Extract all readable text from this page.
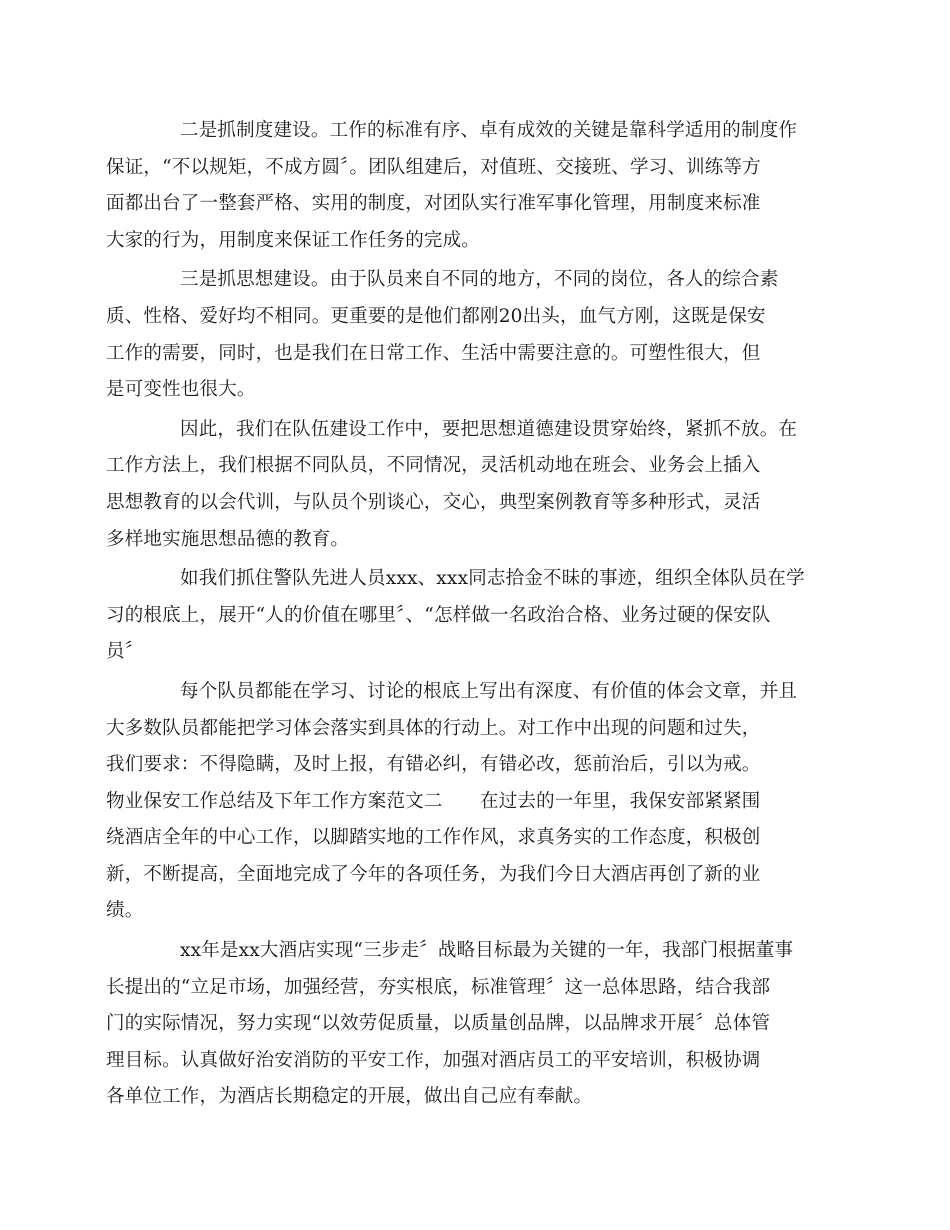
二是抓制度建设。工作的标准有序、卓有成效的关键是靠科学适用的制度作
保证，“不以规矩，不成方圆〞。团队组建后，对值班、交接班、学习、训练等方
面都出台了一整套严格、实用的制度，对团队实行准军事化管理，用制度来标准
大家的行为，用制度来保证工作任务的完成。

三是抓思想建设。由于队员来自不同的地方，不同的岗位，各人的综合素
质、性格、爱好均不相同。更重要的是他们都刚20出头，血气方刚，这既是保安
工作的需要，同时，也是我们在日常工作、生活中需要注意的。可塑性很大，但
是可变性也很大。

因此，我们在队伍建设工作中，要把思想道德建设贯穿始终，紧抓不放。在
工作方法上，我们根据不同队员，不同情况，灵活机动地在班会、业务会上插入
思想教育的以会代训，与队员个别谈心，交心，典型案例教育等多种形式，灵活
多样地实施思想品德的教育。

如我们抓住警队先进人员xxx、xxx同志拾金不昧的事迹，组织全体队员在学
习的根底上，展开“人的价值在哪里〞、“怎样做一名政治合格、业务过硬的保安队
员〞

每个队员都能在学习、讨论的根底上写出有深度、有价值的体会文章，并且
大多数队员都能把学习体会落实到具体的行动上。对工作中出现的问题和过失，
我们要求：不得隐瞒，及时上报，有错必纠，有错必改，惩前治后，引以为戒。
物业保安工作总结及下年工作方案范文二　　在过去的一年里，我保安部紧紧围
绕酒店全年的中心工作，以脚踏实地的工作作风，求真务实的工作态度，积极创
新，不断提高，全面地完成了今年的各项任务，为我们今日大酒店再创了新的业
绩。

xx年是xx大酒店实现“三步走〞战略目标最为关键的一年，我部门根据董事
长提出的“立足市场，加强经营，夯实根底，标准管理〞这一总体思路，结合我部
门的实际情况，努力实现“以效劳促质量，以质量创品牌，以品牌求开展〞总体管
理目标。认真做好治安消防的平安工作，加强对酒店员工的平安培训，积极协调
各单位工作，为酒店长期稳定的开展，做出自己应有奉献。
